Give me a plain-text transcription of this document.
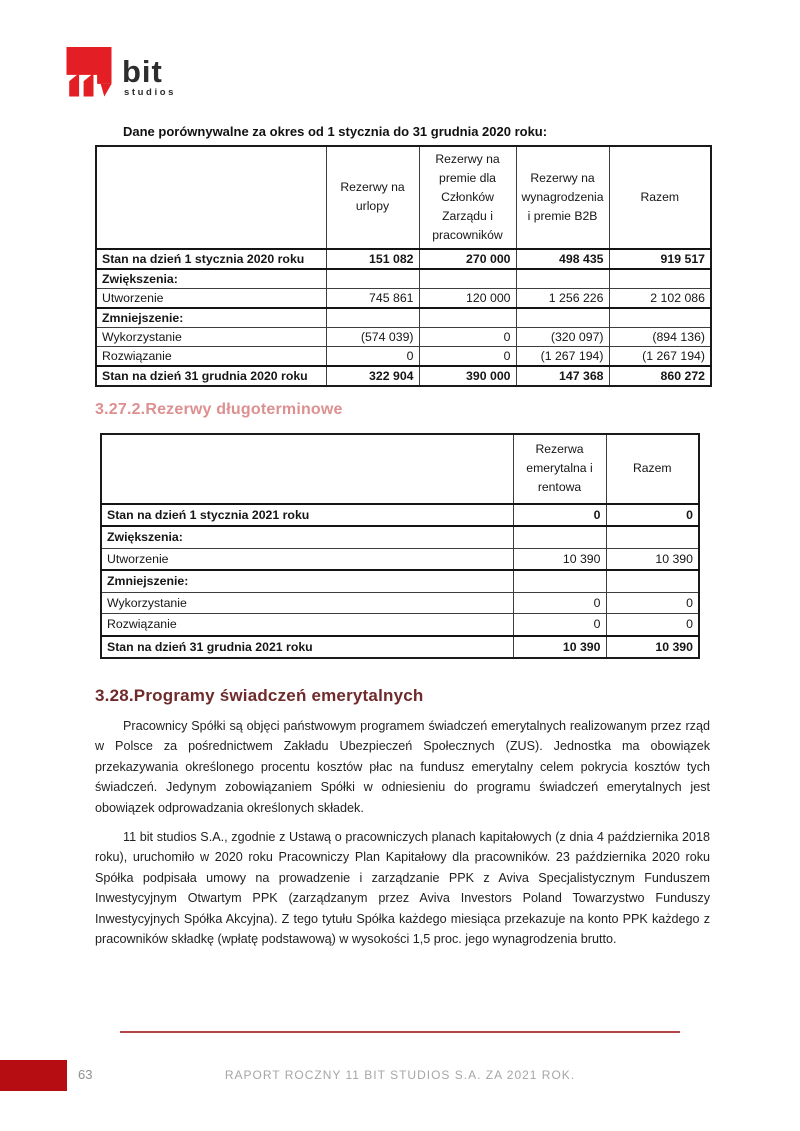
bit
studios

Dane porównywalne za okres od 1 stycznia do 31 grudnia 2020 roku:

	Rezerwy na urlopy	Rezerwy na premie dla Członków Zarządu i pracowników	Rezerwy na wynagrodzenia i premie B2B	Razem
Stan na dzień 1 stycznia 2020 roku	151 082	270 000	498 435	919 517
Zwiększenia:				
Utworzenie	745 861	120 000	1 256 226	2 102 086
Zmniejszenie:				
Wykorzystanie	(574 039)	0	(320 097)	(894 136)
Rozwiązanie	0	0	(1 267 194)	(1 267 194)
Stan na dzień 31 grudnia 2020 roku	322 904	390 000	147 368	860 272
3.27.2.Rezerwy długoterminowe
	Rezerwa emerytalna i rentowa	Razem
Stan na dzień 1 stycznia 2021 roku	0	0
Zwiększenia:		
Utworzenie	10 390	10 390
Zmniejszenie:		
Wykorzystanie	0	0
Rozwiązanie	0	0
Stan na dzień 31 grudnia 2021 roku	10 390	10 390
3.28.Programy świadczeń emerytalnych

Pracownicy Spółki są objęci państwowym programem świadczeń emerytalnych realizowanym przez rząd w Polsce za pośrednictwem Zakładu Ubezpieczeń Społecznych (ZUS). Jednostka ma obowiązek przekazywania określonego procentu kosztów płac na fundusz emerytalny celem pokrycia kosztów tych świadczeń. Jedynym zobowiązaniem Spółki w odniesieniu do programu świadczeń emerytalnych jest obowiązek odprowadzania określonych składek.

11 bit studios S.A., zgodnie z Ustawą o pracowniczych planach kapitałowych (z dnia 4 października 2018 roku), uruchomiło w 2020 roku Pracowniczy Plan Kapitałowy dla pracowników. 23 października 2020 roku Spółka podpisała umowy na prowadzenie i zarządzanie PPK z Aviva Specjalistycznym Funduszem Inwestycyjnym Otwartym PPK (zarządzanym przez Aviva Investors Poland Towarzystwo Funduszy Inwestycyjnych Spółka Akcyjna). Z tego tytułu Spółka każdego miesiąca przekazuje na konto PPK każdego z pracowników składkę (wpłatę podstawową) w wysokości 1,5 proc. jego wynagrodzenia brutto.

63	RAPORT ROCZNY 11 BIT STUDIOS S.A. ZA 2021 ROK.
